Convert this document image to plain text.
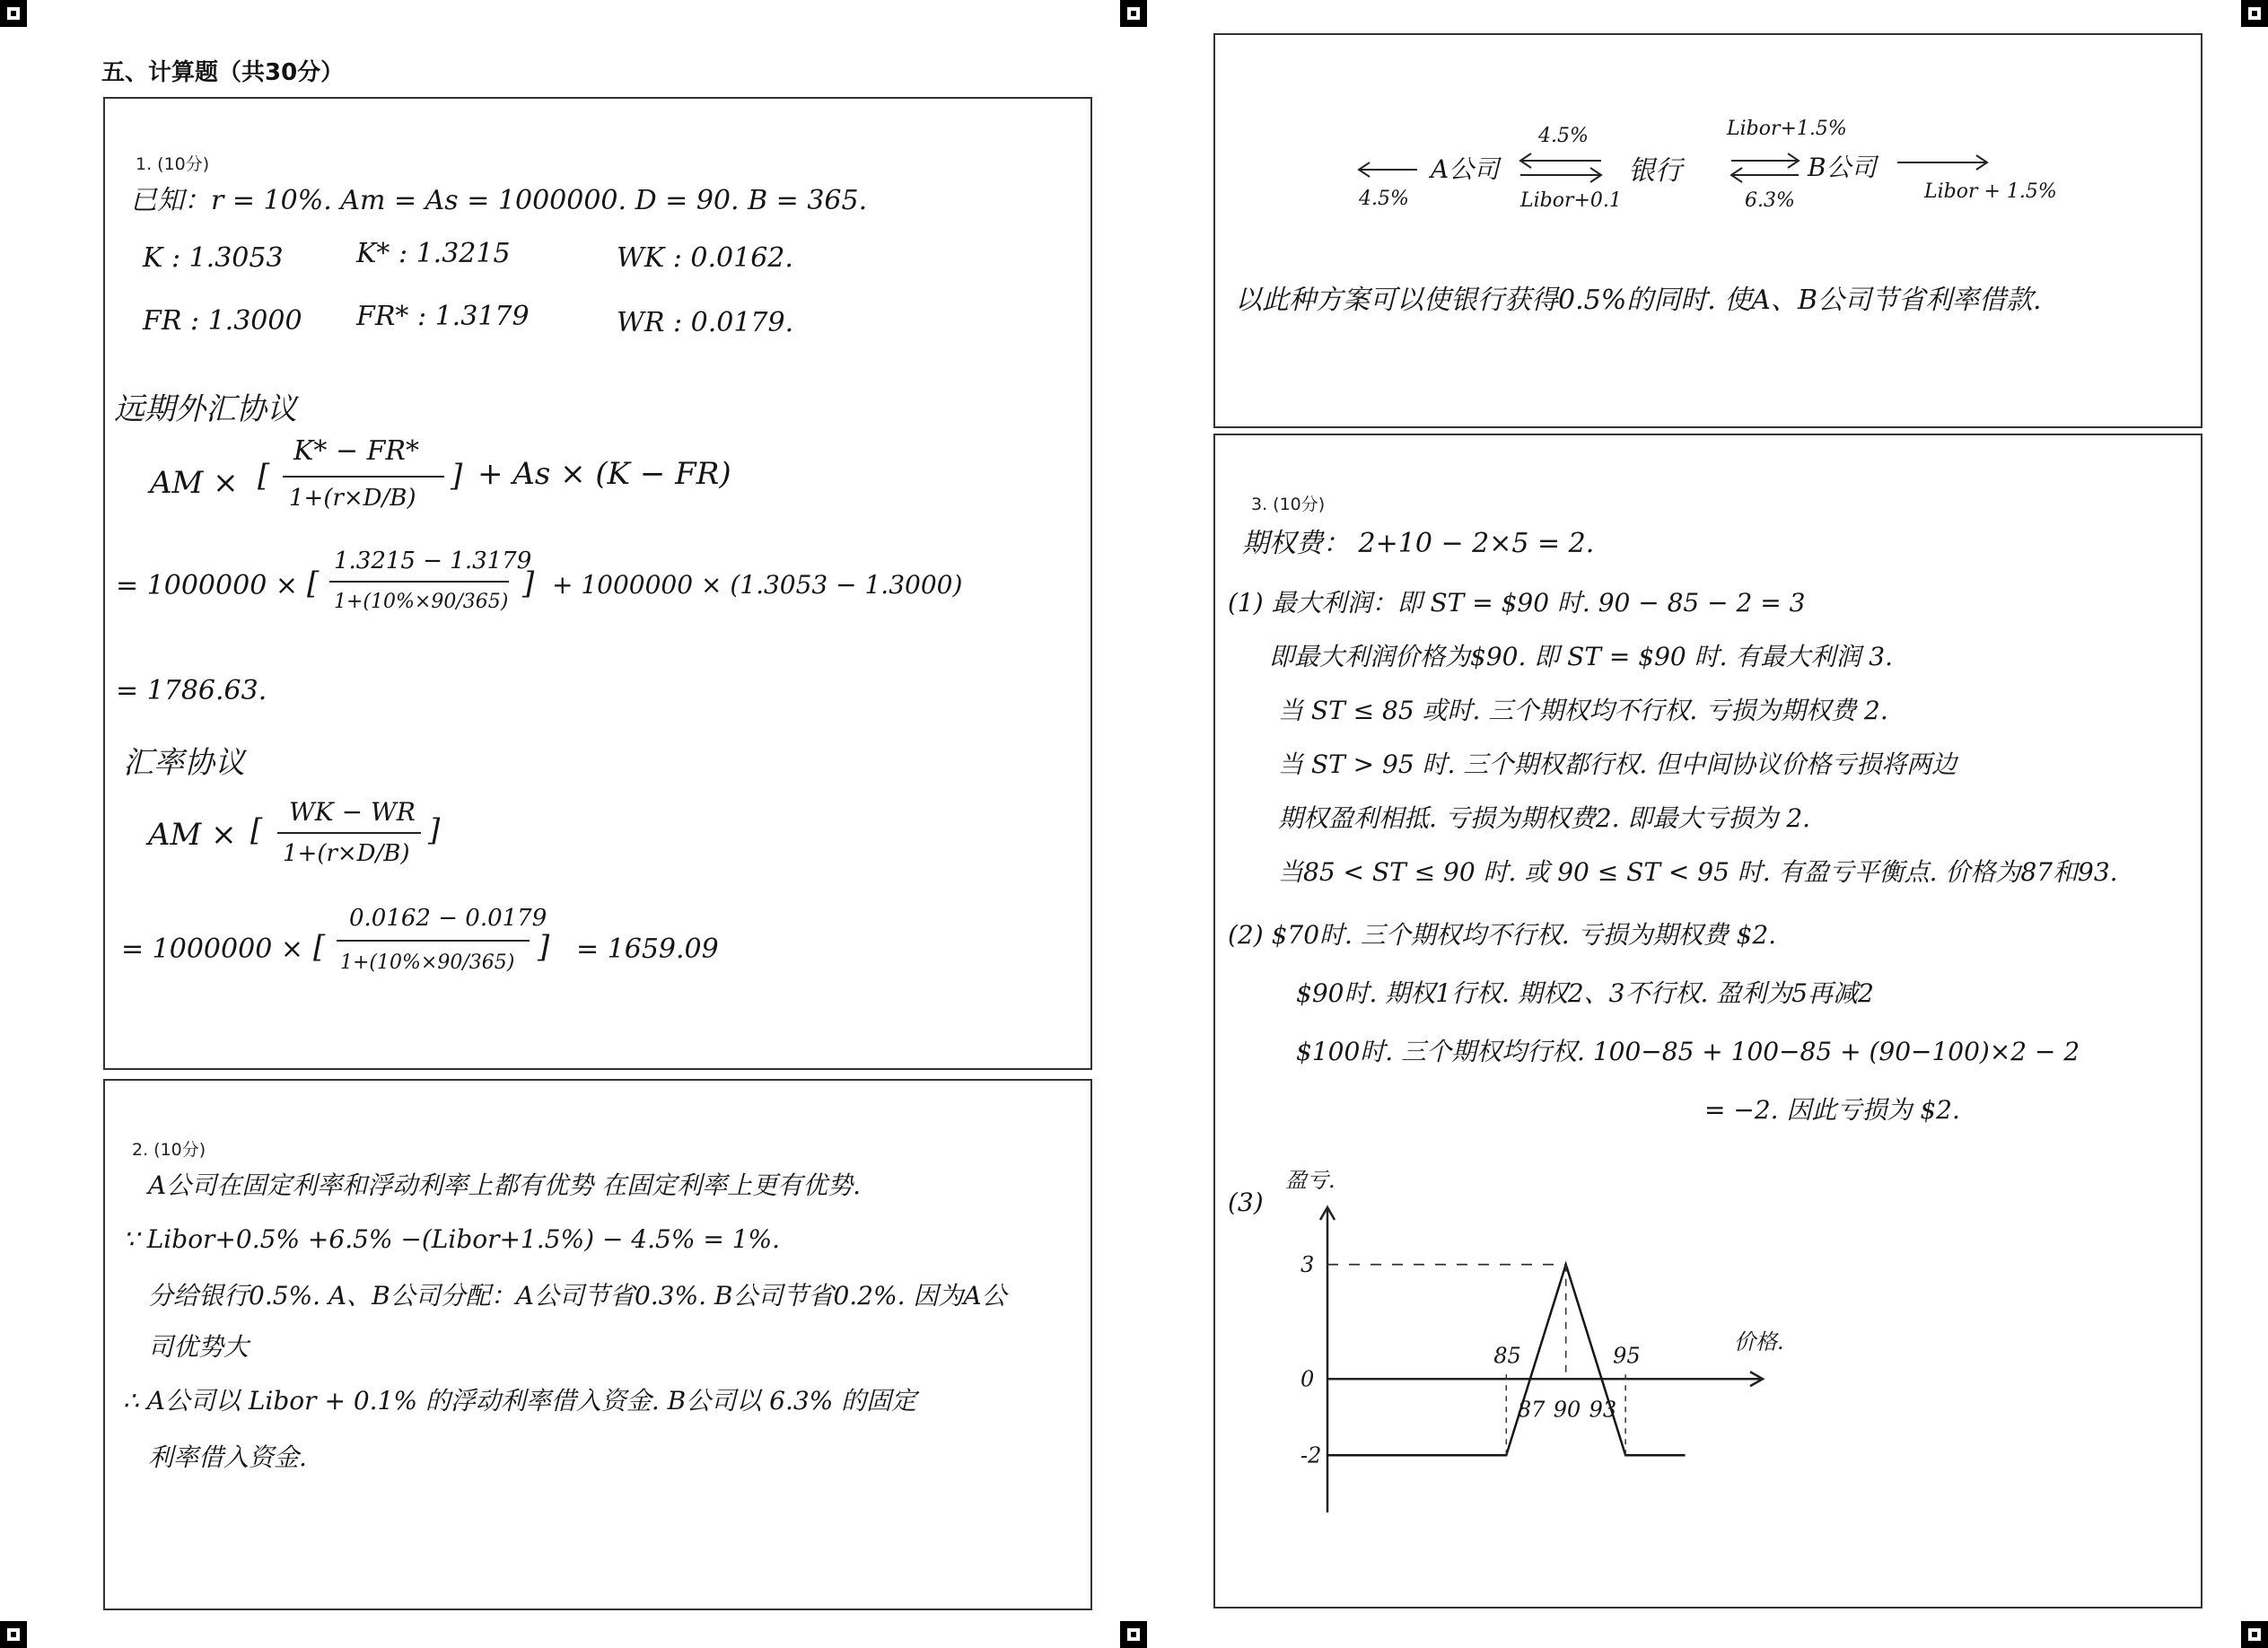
五、计算题（共30分）
1. (10分)
已知：r = 10%. Am = As = 1000000. D = 90. B = 365.
K : 1.3053	K* : 1.3215	WK : 0.0162.
FR : 1.3000 FR* : 1.3179	WR : 0.0179.
远期外汇协议
AM × [
K* − FR*
1+(r×D/B)
] + As × (K − FR)
= 1000000 × [
1.3215 − 1.3179
1+(10%×90/365)
] + 1000000 × (1.3053 − 1.3000)
= 1786.63.
汇率协议
AM × [
WK − WR
1+(r×D/B)
]
= 1000000 × [
0.0162 − 0.0179
1+(10%×90/365) ] = 1659.09
2. (10分)
A公司在固定利率和浮动利率上都有优势 在固定利率上更有优势.
∵ Libor+0.5% +6.5% −(Libor+1.5%) − 4.5% = 1%.
分给银行0.5%. A、B公司分配：A公司节省0.3%. B公司节省0.2%. 因为A公
司优势大
∴ A公司以 Libor + 0.1% 的浮动利率借入资金. B公司以 6.3% 的固定
利率借入资金.
4.5%
A公司
4.5%
Libor+0.1
银行
Libor+1.5%
6.3%
B公司
Libor + 1.5%
以此种方案可以使银行获得0.5%的同时. 使A、B公司节省利率借款.
3. (10分)
期权费： 2+10 − 2×5 = 2.
(1) 最大利润：即 ST = $90 时. 90 − 85 − 2 = 3
即最大利润价格为$90. 即 ST = $90 时. 有最大利润 3.
当 ST ≤ 85 或时. 三个期权均不行权. 亏损为期权费 2.
当 ST > 95 时. 三个期权都行权. 但中间协议价格亏损将两边
期权盈利相抵. 亏损为期权费2. 即最大亏损为 2.
当85 < ST ≤ 90 时. 或 90 ≤ ST < 95 时. 有盈亏平衡点. 价格为87和93.
(2) $70时. 三个期权均不行权. 亏损为期权费 $2.
$90时. 期权1行权. 期权2、3不行权. 盈利为5再减2
$100时. 三个期权均行权. 100−85 + 100−85 + (90−100)×2 − 2
= −2. 因此亏损为 $2.
(3)
盈亏.
价格.
3
0
-2
85
87 90 93
95
